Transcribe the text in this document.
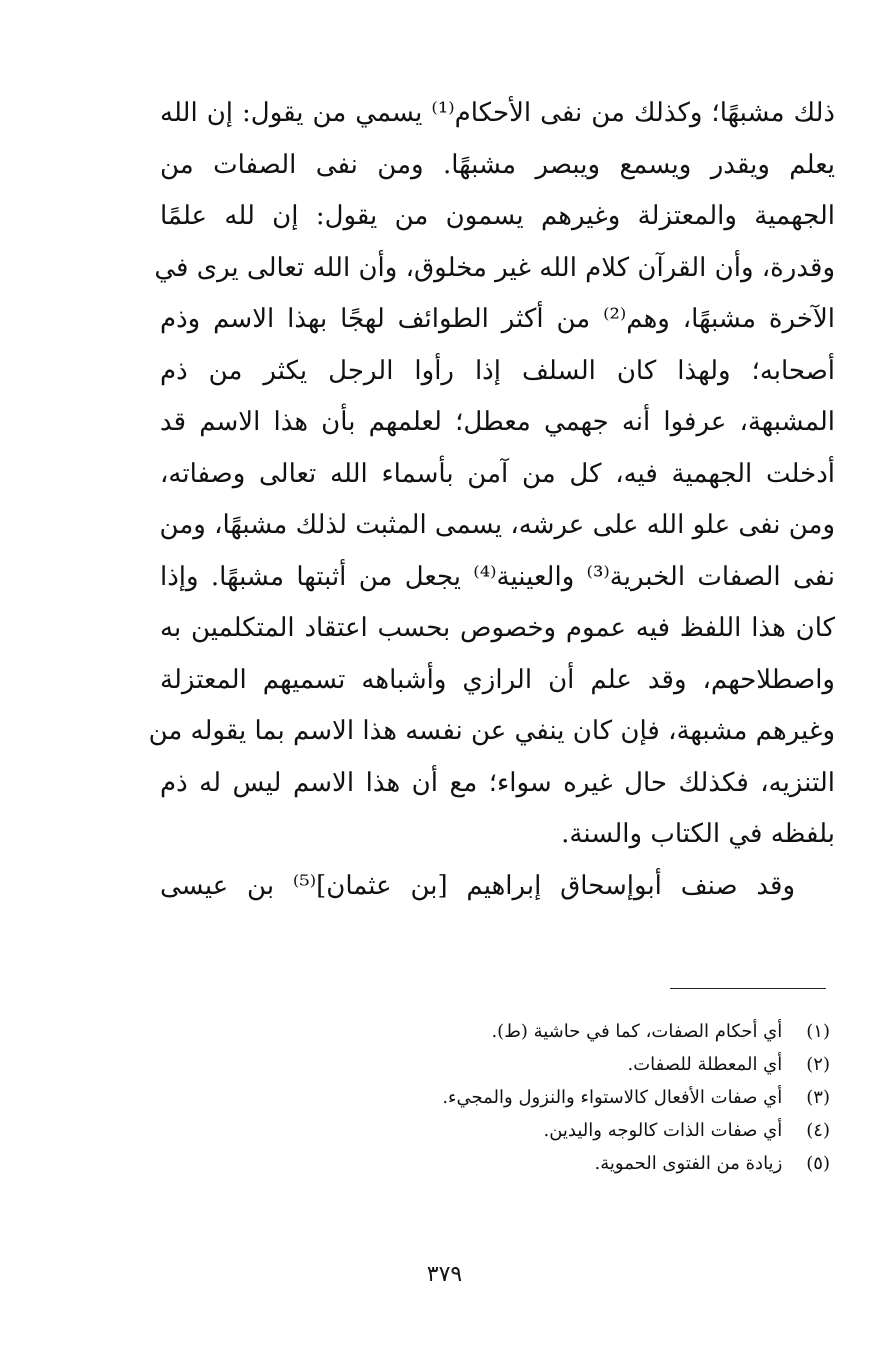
ذلك مشبهًا؛ وكذلك من نفى الأحكام⁽¹⁾ يسمي من يقول: إن الله
يعلم ويقدر ويسمع ويبصر مشبهًا. ومن نفى الصفات من
الجهمية والمعتزلة وغيرهم يسمون من يقول: إن لله علمًا
وقدرة، وأن القرآن كلام الله غير مخلوق، وأن الله تعالى يرى في
الآخرة مشبهًا، وهم⁽²⁾ من أكثر الطوائف لهجًا بهذا الاسم وذم
أصحابه؛ ولهذا كان السلف إذا رأوا الرجل يكثر من ذم
المشبهة، عرفوا أنه جهمي معطل؛ لعلمهم بأن هذا الاسم قد
أدخلت الجهمية فيه، كل من آمن بأسماء الله تعالى وصفاته،
ومن نفى علو الله على عرشه، يسمى المثبت لذلك مشبهًا، ومن
نفى الصفات الخبرية⁽³⁾ والعينية⁽⁴⁾ يجعل من أثبتها مشبهًا. وإذا
كان هذا اللفظ فيه عموم وخصوص بحسب اعتقاد المتكلمين به
واصطلاحهم، وقد علم أن الرازي وأشباهه تسميهم المعتزلة
وغيرهم مشبهة، فإن كان ينفي عن نفسه هذا الاسم بما يقوله من
التنزيه، فكذلك حال غيره سواء؛ مع أن هذا الاسم ليس له ذم
بلفظه في الكتاب والسنة.
وقد صنف أبوإسحاق إبراهيم [بن عثمان]⁽⁵⁾ بن عيسى
(١) أي أحكام الصفات، كما في حاشية (ط).
(٢) أي المعطلة للصفات.
(٣) أي صفات الأفعال كالاستواء والنزول والمجيء.
(٤) أي صفات الذات كالوجه واليدين.
(٥) زيادة من الفتوى الحموية.
٣٧٩
